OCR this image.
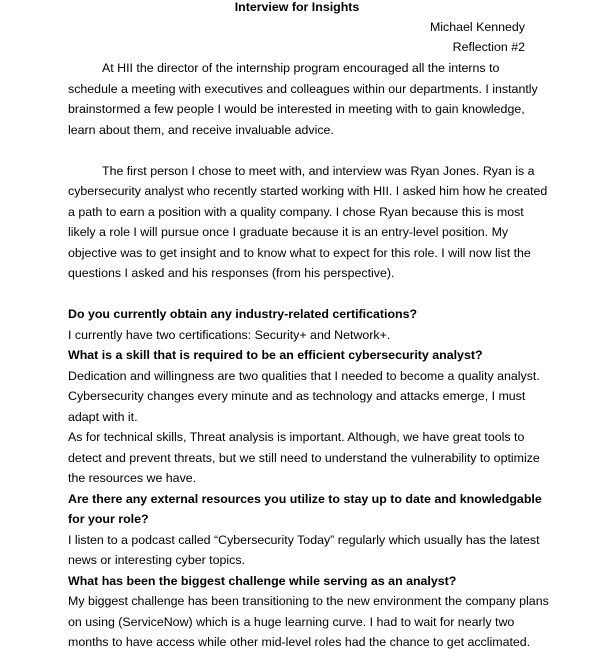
Interview for Insights

Michael Kennedy

Reflection #2

At HII the director of the internship program encouraged all the interns to
schedule a meeting with executives and colleagues within our departments. I instantly
brainstormed a few people I would be interested in meeting with to gain knowledge,
learn about them, and receive invaluable advice.
The first person I chose to meet with, and interview was Ryan Jones. Ryan is a
cybersecurity analyst who recently started working with HII. I asked him how he created
a path to earn a position with a quality company. I chose Ryan because this is most
likely a role I will pursue once I graduate because it is an entry-level position. My
objective was to get insight and to know what to expect for this role. I will now list the
questions I asked and his responses (from his perspective).
Do you currently obtain any industry-related certifications?
I currently have two certifications: Security+ and Network+.
What is a skill that is required to be an efficient cybersecurity analyst?
Dedication and willingness are two qualities that I needed to become a quality analyst.
Cybersecurity changes every minute and as technology and attacks emerge, I must
adapt with it.
As for technical skills, Threat analysis is important. Although, we have great tools to
detect and prevent threats, but we still need to understand the vulnerability to optimize
the resources we have.
Are there any external resources you utilize to stay up to date and knowledgable
for your role?
I listen to a podcast called “Cybersecurity Today” regularly which usually has the latest
news or interesting cyber topics.
What has been the biggest challenge while serving as an analyst?
My biggest challenge has been transitioning to the new environment the company plans
on using (ServiceNow) which is a huge learning curve. I had to wait for nearly two
months to have access while other mid-level roles had the chance to get acclimated.
